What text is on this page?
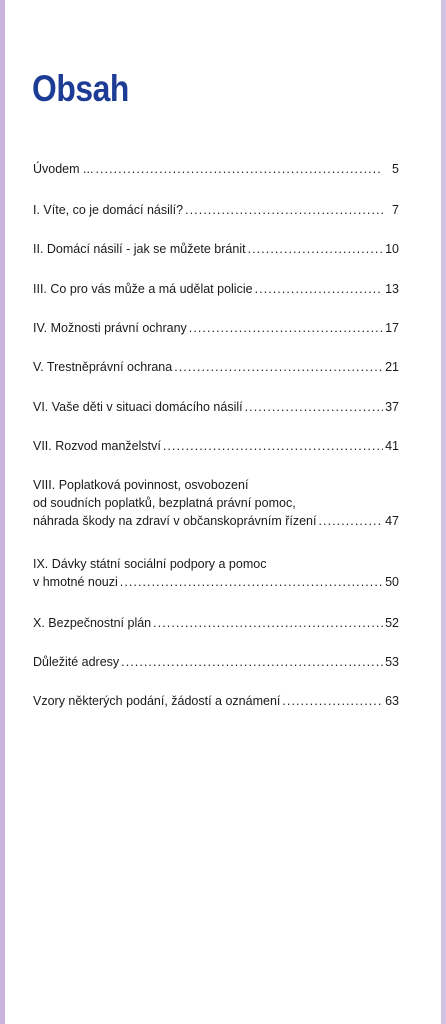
Obsah
Úvodem ... . . .	5
I. Víte, co je domácí násilí? . . .	7
II. Domácí násilí - jak se můžete bránit . . .	10
III. Co pro vás může a má udělat policie . . .	13
IV. Možnosti právní ochrany . . .	17
V. Trestněprávní ochrana . . .	21
VI. Vaše děti v situaci domácího násilí . . .	37
VII. Rozvod manželství . . .	41
VIII. Poplatková povinnost, osvobození
od soudních poplatků, bezplatná právní pomoc,
náhrada škody na zdraví v občanskoprávním řízení . . .	47
IX. Dávky státní sociální podpory a pomoc
v hmotné nouzi . . .	50
X. Bezpečnostní plán . . .	52
Důležité adresy . . .	53
Vzory některých podání, žádostí a oznámení . . .	63
